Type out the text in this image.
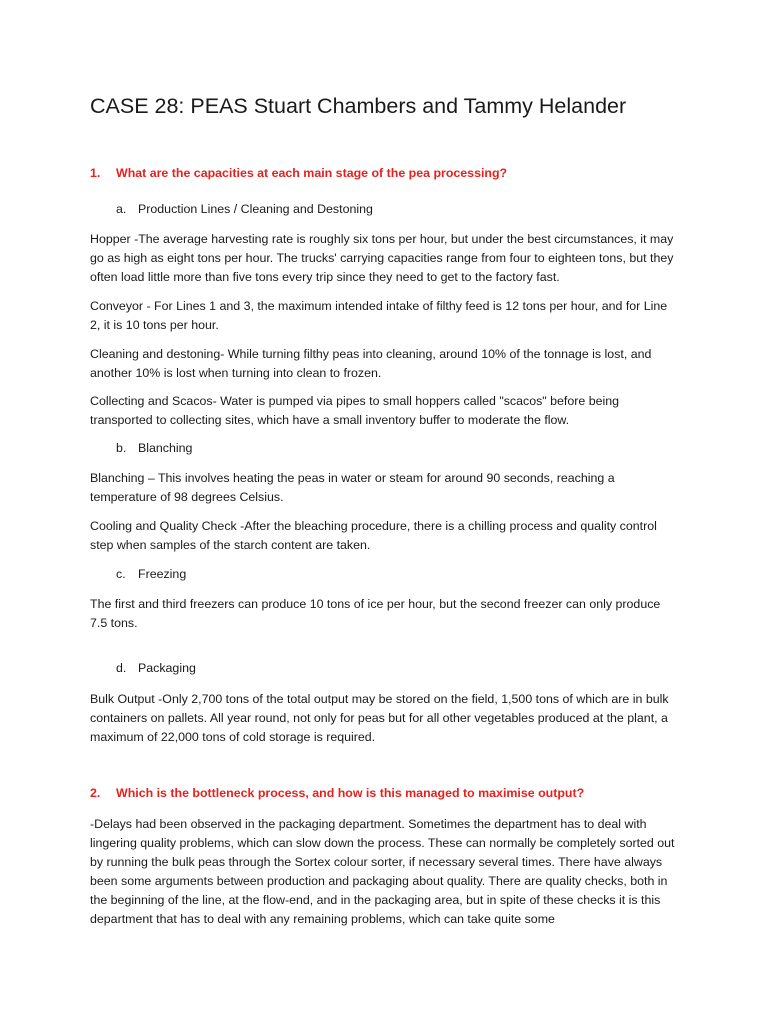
CASE 28: PEAS Stuart Chambers and Tammy Helander
1. What are the capacities at each main stage of the pea processing?
a. Production Lines / Cleaning and Destoning

Hopper -The average harvesting rate is roughly six tons per hour, but under the best circumstances, it may go as high as eight tons per hour. The trucks' carrying capacities range from four to eighteen tons, but they often load little more than five tons every trip since they need to get to the factory fast.

Conveyor - For Lines 1 and 3, the maximum intended intake of filthy feed is 12 tons per hour, and for Line 2, it is 10 tons per hour.

Cleaning and destoning- While turning filthy peas into cleaning, around 10% of the tonnage is lost, and another 10% is lost when turning into clean to frozen.

Collecting and Scacos- Water is pumped via pipes to small hoppers called "scacos" before being transported to collecting sites, which have a small inventory buffer to moderate the flow.

b. Blanching

Blanching – This involves heating the peas in water or steam for around 90 seconds, reaching a temperature of 98 degrees Celsius.

Cooling and Quality Check -After the bleaching procedure, there is a chilling process and quality control step when samples of the starch content are taken.

c. Freezing

The first and third freezers can produce 10 tons of ice per hour, but the second freezer can only produce 7.5 tons.

d. Packaging

Bulk Output -Only 2,700 tons of the total output may be stored on the field, 1,500 tons of which are in bulk containers on pallets. All year round, not only for peas but for all other vegetables produced at the plant, a maximum of 22,000 tons of cold storage is required.

2. Which is the bottleneck process, and how is this managed to maximise output?

-Delays had been observed in the packaging department. Sometimes the department has to deal with lingering quality problems, which can slow down the process. These can normally be completely sorted out by running the bulk peas through the Sortex colour sorter, if necessary several times. There have always been some arguments between production and packaging about quality. There are quality checks, both in the beginning of the line, at the flow-end, and in the packaging area, but in spite of these checks it is this department that has to deal with any remaining problems, which can take quite some
